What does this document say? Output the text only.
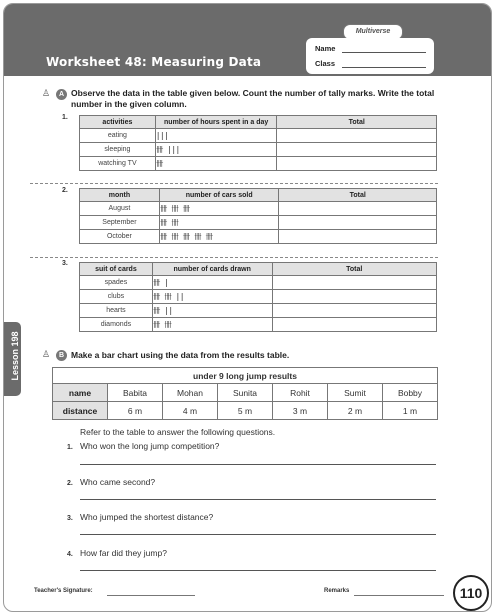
Multiverse
Worksheet 48: Measuring Data
Name
Class
Lesson 198
♙	A Observe the data in the table given below. Count the number of tally marks. Write the total number in the given column.
1.
activities	number of hours spent in a day	Total
eating	|||	
sleeping	卌 |||	
watching TV	卌	
2.
month	number of cars sold	Total
August	卌 卌 卌	
September	卌 卌	
October	卌 卌 卌 卌 卌	
3.
suit of cards	number of cards drawn	Total
spades	卌 |	
clubs	卌 卌 ||	
hearts	卌 ||	
diamonds	卌 卌	
♙	B Make a bar chart using the data from the results table.
under 9 long jump results						
name	Babita	Mohan	Sunita	Rohit	Sumit	Bobby
distance	6 m	4 m	5 m	3 m	2 m	1 m
Refer to the table to answer the following questions.
1. Who won the long jump competition?
2. Who came second?
3. Who jumped the shortest distance?
4. How far did they jump?
Teacher's Signature:	Remarks	110
